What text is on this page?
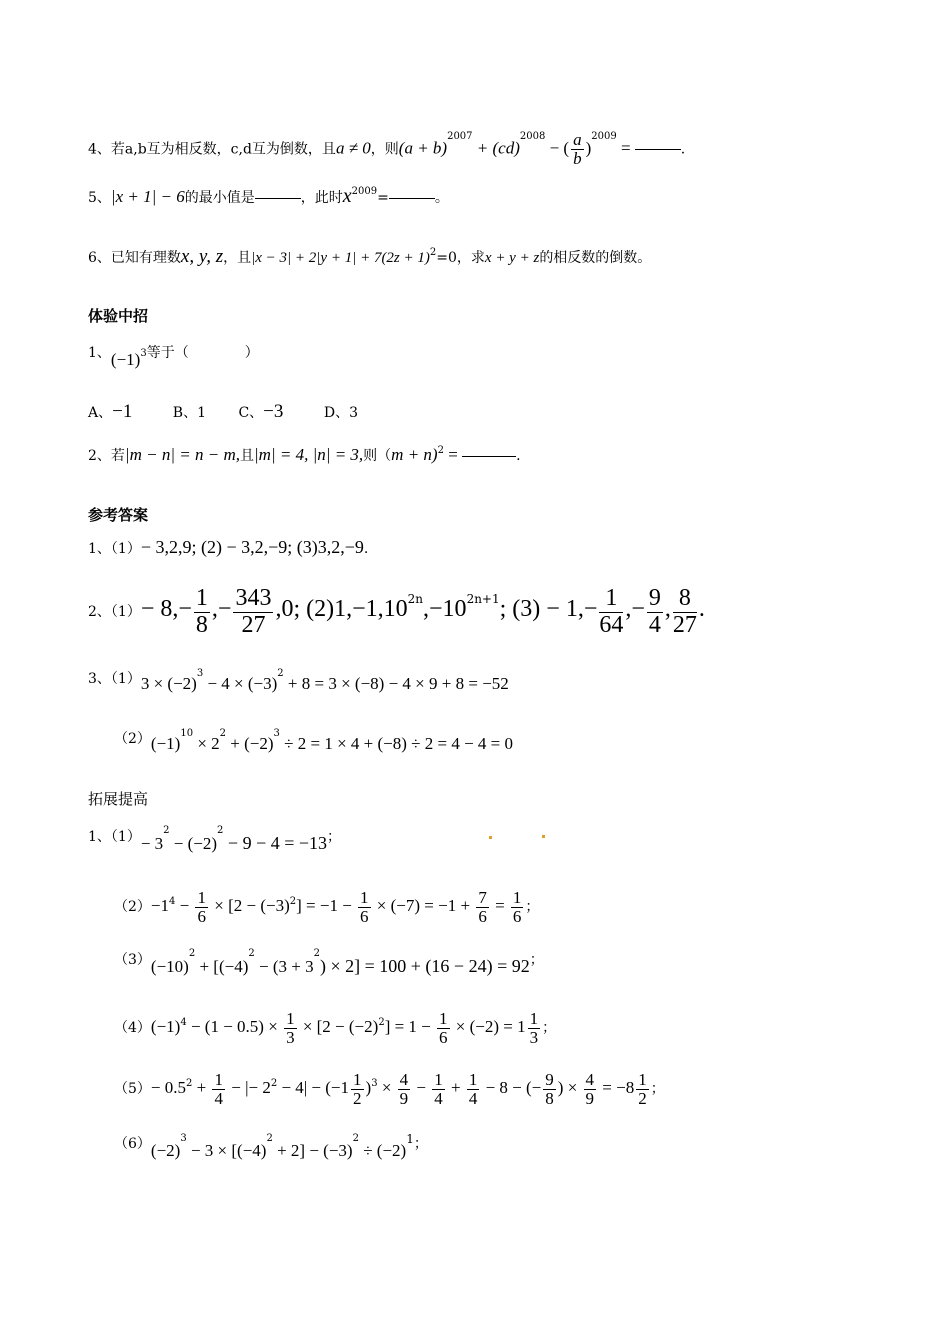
4、若a,b互为相反数，c,d互为倒数，且a ≠ 0，则$(a + b)^{2007} + (cd)^{2008}$ − ( $\frac{a}{b} )^{2009}$ =	.
5、|x + 1| − 6的最小值是	，此时$x^{2009}=$	。
6、已知有理数x, y, z，且$|x - 3| + 2|y + 1| + 7(2z + 1)^2=0$，求x + y + z的相反数的倒数。
体验中招
1、$(-1)^3$等于（	）
A、−1	B、1 C、−3	D、3
2、若|m − n| = n − m,且|m| = 4, |n| = 3,则（m + n)$^2$ =	.
参考答案
1、（1）− 3,2,9; (2) − 3,2,−9; (3)3,2,−9.
2、$(1)- 8,- \frac{1}{8}$ ,− $\frac{343}{27} ,0$; $(2)1,-1,10^{2n},-10^{2n+1}$; $(3) - 1,- \frac{1}{64}$ ,− $\frac{9}{4}$ , $\frac{8}{27}$ .
3、$(1)3 \times (-2)^3 - 4 \times (-3)^2 + 8 = 3 \times (-8) - 4 \times 9 + 8 = -52$
$(2)(-1)^{10} \times 2^2 + (-2)^3 \div 2 = 1 \times 4 + (-8) \div 2 = 4 - 4 = 0$
拓展提高
1、$(1)- 3^2 - (-2)^2 - 9 - 4 = -13$；
$(2)-1^4 - \frac{1}{6} \times [2 - (-3)^2] = -1 - \frac{1}{6} \times (-7) = -1 + \frac{7}{6} = \frac{1}{6}$ ；
$(3)(-10)^2 + [(-4)^2 - (3 + 3^2) \times 2] = 100 + (16 - 24) = 92$；
$(4)(-1)^4 - (1 - 0.5) \times \frac{1}{3} \times [2 - (-2)^2] = 1 - \frac{1}{6} \times (-2) = 1 \frac{1}{3}$ ；
$(5)- 0.5^2 + \frac{1}{4}$ − |− $2^2 - 4| - (-1 \frac{1}{2} )^3 \times \frac{4}{9} - \frac{1}{4} + \frac{1}{4} - 8$ − (− $\frac{9}{8}$ ) × $\frac{4}{9} = -8 \frac{1}{2}$ ；
$(6)(-2)^3 - 3 \times [(-4)^2 + 2] - (-3)^2 \div (-2)^1$；
